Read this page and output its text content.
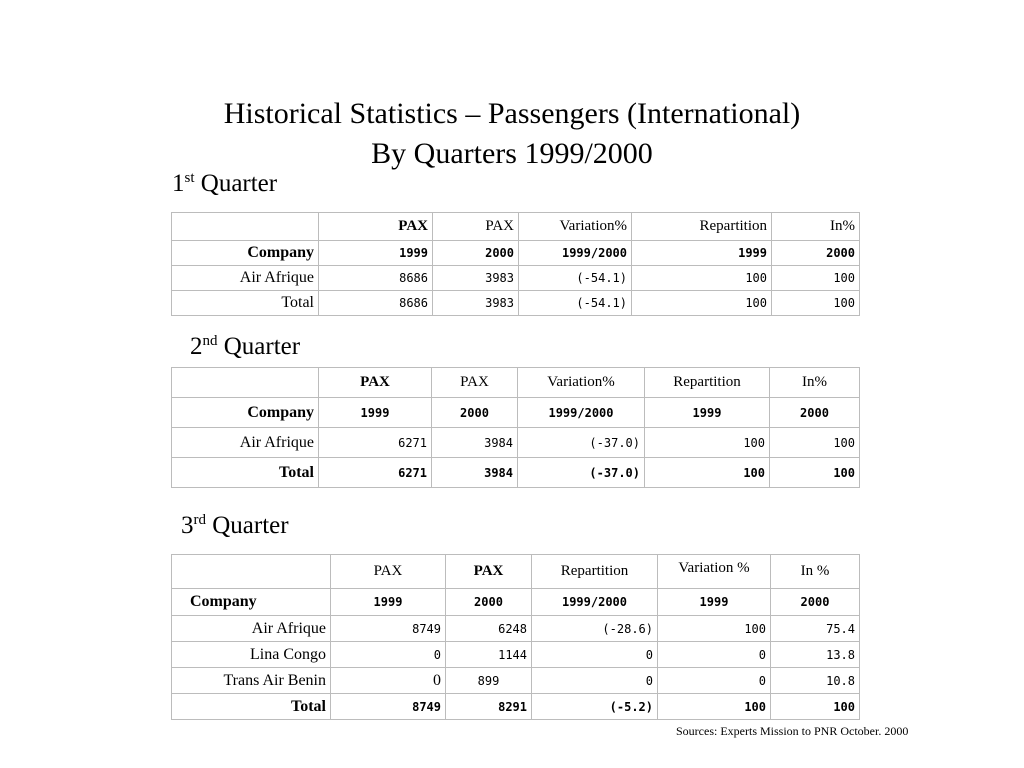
Historical Statistics – Passengers (International)
By Quarters 1999/2000
1st Quarter
	PAX	PAX	Variation%	Repartition	In%
Company	1999	2000	1999/2000	1999	2000
Air Afrique	8686	3983	(-54.1)	100	100
Total	8686	3983	(-54.1)	100	100
2nd Quarter
	PAX	PAX	Variation%	Repartition	In%
Company	1999	2000	1999/2000	1999	2000
Air Afrique	6271	3984	(-37.0)	100	100
Total	6271	3984	(-37.0)	100	100
3rd Quarter
	PAX	PAX	Repartition	Variation %	In %
Company	1999	2000	1999/2000	1999	2000
Air Afrique	8749	6248	(-28.6)	100	75.4
Lina Congo	0	1144	0	0	13.8
Trans Air Benin	0	899	0	0	10.8
Total	8749	8291	(-5.2)	100	100
Sources: Experts Mission to PNR October. 2000
